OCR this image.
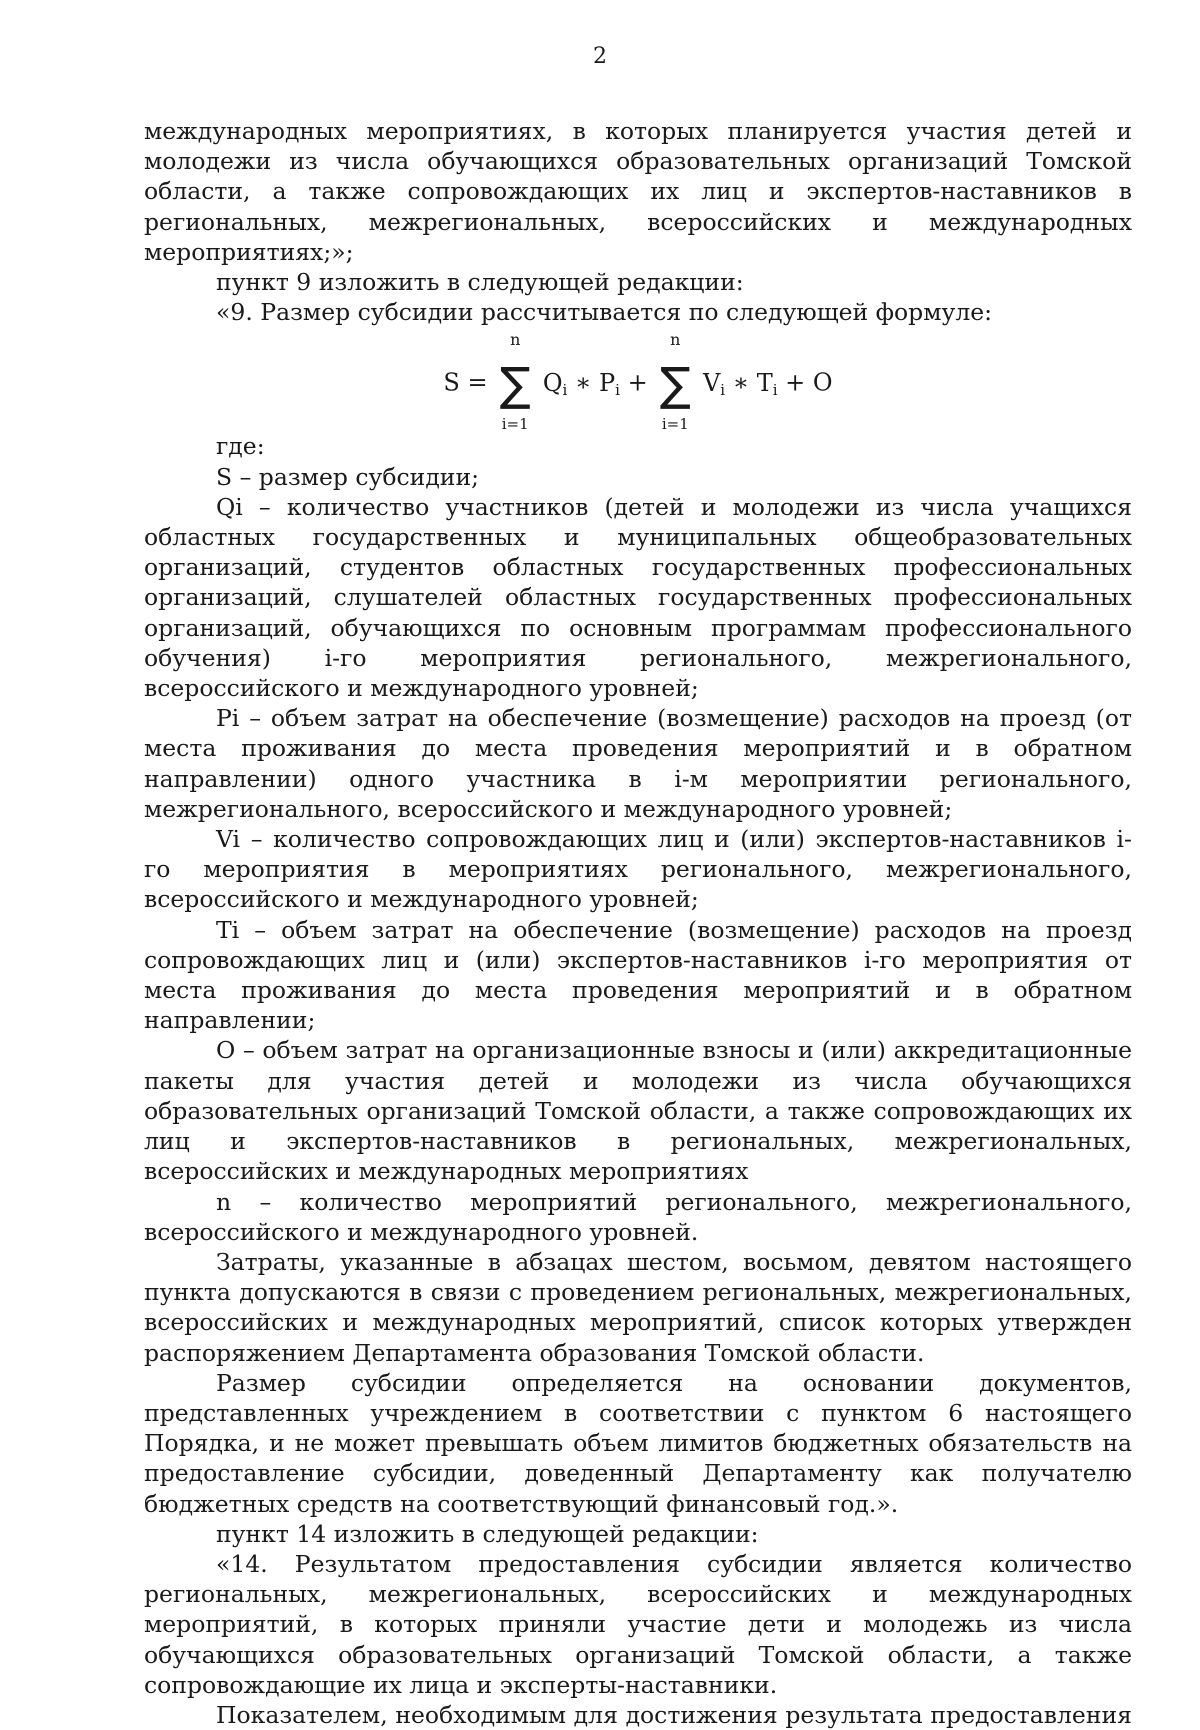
2

международных мероприятиях, в которых планируется участия детей и молодежи из числа обучающихся образовательных организаций Томской области, а также сопровождающих их лиц и экспертов-наставников в региональных, межрегиональных, всероссийских и международных мероприятиях;»;

пункт 9 изложить в следующей редакции:

«9. Размер субсидии рассчитывается по следующей формуле:

S =
n
∑
i=1
$Q_i$ ∗ $P_i$ +
n
∑
i=1
$V_i$ ∗ $T_i + O$

где:

S – размер субсидии;

Qi – количество участников (детей и молодежи из числа учащихся областных государственных и муниципальных общеобразовательных организаций, студентов областных государственных профессиональных организаций, слушателей областных государственных профессиональных организаций, обучающихся по основным программам профессионального обучения) i-го мероприятия регионального, межрегионального, всероссийского и международного уровней;

Pi – объем затрат на обеспечение (возмещение) расходов на проезд (от места проживания до места проведения мероприятий и в обратном направлении) одного участника в i-м мероприятии регионального, межрегионального, всероссийского и международного уровней;

Vi – количество сопровождающих лиц и (или) экспертов-наставников i-го мероприятия в мероприятиях регионального, межрегионального, всероссийского и международного уровней;

Ti – объем затрат на обеспечение (возмещение) расходов на проезд сопровождающих лиц и (или) экспертов-наставников i-го мероприятия от места проживания до места проведения мероприятий и в обратном направлении;

O – объем затрат на организационные взносы и (или) аккредитационные пакеты для участия детей и молодежи из числа обучающихся образовательных организаций Томской области, а также сопровождающих их лиц и экспертов-наставников в региональных, межрегиональных, всероссийских и международных мероприятиях

n – количество мероприятий регионального, межрегионального, всероссийского и международного уровней.

Затраты, указанные в абзацах шестом, восьмом, девятом настоящего пункта допускаются в связи с проведением региональных, межрегиональных, всероссийских и международных мероприятий, список которых утвержден распоряжением Департамента образования Томской области.

Размер субсидии определяется на основании документов, представленных учреждением в соответствии с пунктом 6 настоящего Порядка, и не может превышать объем лимитов бюджетных обязательств на предоставление субсидии, доведенный Департаменту как получателю бюджетных средств на соответствующий финансовый год.».

пункт 14 изложить в следующей редакции:

«14. Результатом предоставления субсидии является количество региональных, межрегиональных, всероссийских и международных мероприятий, в которых приняли участие дети и молодежь из числа обучающихся образовательных организаций Томской области, а также сопровождающие их лица и эксперты-наставники.

Показателем, необходимым для достижения результата предоставления
